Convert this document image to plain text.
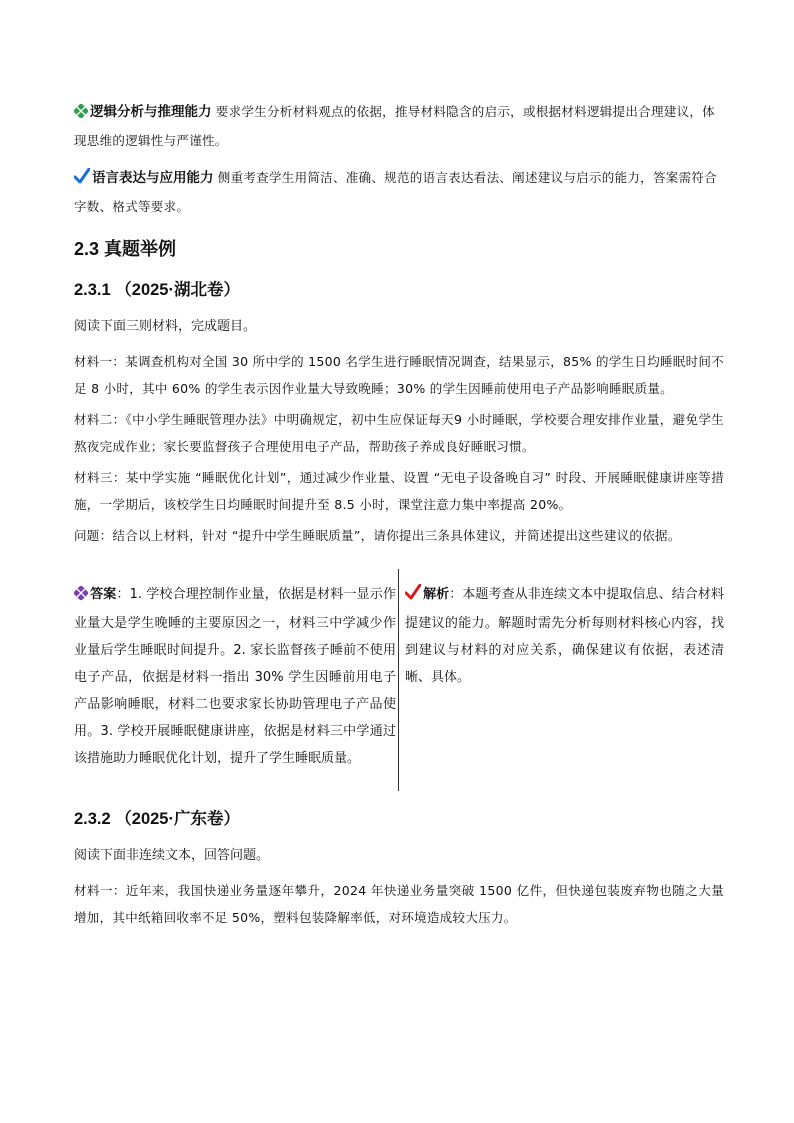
逻辑分析与推理能力 要求学生分析材料观点的依据，推导材料隐含的启示，或根据材料逻辑提出合理建议，体现思维的逻辑性与严谨性。

语言表达与应用能力 侧重考查学生用简洁、准确、规范的语言表达看法、阐述建议与启示的能力，答案需符合字数、格式等要求。

2.3 真题举例
2.3.1 （2025·湖北卷）

阅读下面三则材料，完成题目。

材料一：某调查机构对全国 30 所中学的 1500 名学生进行睡眠情况调查，结果显示，85% 的学生日均睡眠时间不足 8 小时，其中 60% 的学生表示因作业量大导致晚睡；30% 的学生因睡前使用电子产品影响睡眠质量。

材料二：《中小学生睡眠管理办法》中明确规定，初中生应保证每天9 小时睡眠，学校要合理安排作业量，避免学生熬夜完成作业；家长要监督孩子合理使用电子产品，帮助孩子养成良好睡眠习惯。

材料三：某中学实施 “睡眠优化计划”，通过减少作业量、设置 “无电子设备晚自习” 时段、开展睡眠健康讲座等措施，一学期后，该校学生日均睡眠时间提升至 8.5 小时，课堂注意力集中率提高 20%。

问题：结合以上材料，针对 “提升中学生睡眠质量”，请你提出三条具体建议，并简述提出这些建议的依据。

答案：1. 学校合理控制作业量，依据是材料一显示作业量大是学生晚睡的主要原因之一，材料三中学减少作业量后学生睡眠时间提升。2. 家长监督孩子睡前不使用电子产品，依据是材料一指出 30% 学生因睡前用电子产品影响睡眠，材料二也要求家长协助管理电子产品使用。3. 学校开展睡眠健康讲座，依据是材料三中学通过该措施助力睡眠优化计划，提升了学生睡眠质量。

解析：本题考查从非连续文本中提取信息、结合材料提建议的能力。解题时需先分析每则材料核心内容，找到建议与材料的对应关系，确保建议有依据，表述清晰、具体。

2.3.2 （2025·广东卷）

阅读下面非连续文本，回答问题。

材料一：近年来，我国快递业务量逐年攀升，2024 年快递业务量突破 1500 亿件，但快递包装废弃物也随之大量增加，其中纸箱回收率不足 50%，塑料包装降解率低，对环境造成较大压力。
